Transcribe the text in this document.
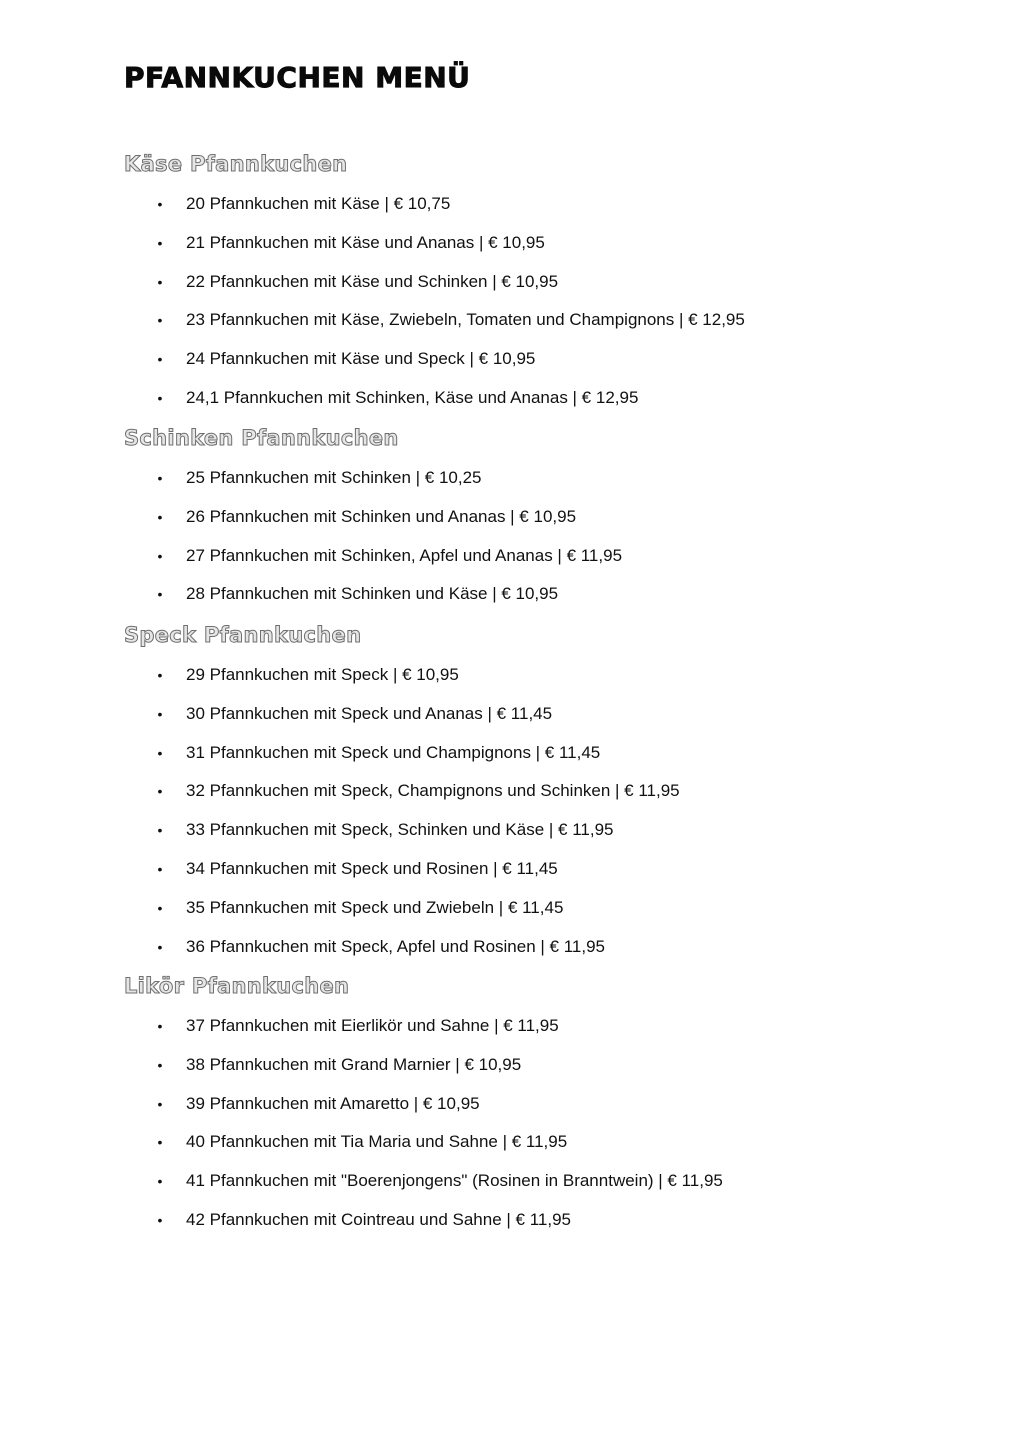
PFANNKUCHEN MENÜ
Käse Pfannkuchen
• 20 Pfannkuchen mit Käse | € 10,75
• 21 Pfannkuchen mit Käse und Ananas | € 10,95
• 22 Pfannkuchen mit Käse und Schinken | € 10,95
• 23 Pfannkuchen mit Käse, Zwiebeln, Tomaten und Champignons | € 12,95
• 24 Pfannkuchen mit Käse und Speck | € 10,95
• 24,1 Pfannkuchen mit Schinken, Käse und Ananas | € 12,95
Schinken Pfannkuchen
• 25 Pfannkuchen mit Schinken | € 10,25
• 26 Pfannkuchen mit Schinken und Ananas | € 10,95
• 27 Pfannkuchen mit Schinken, Apfel und Ananas | € 11,95
• 28 Pfannkuchen mit Schinken und Käse | € 10,95
Speck Pfannkuchen
• 29 Pfannkuchen mit Speck | € 10,95
• 30 Pfannkuchen mit Speck und Ananas | € 11,45
• 31 Pfannkuchen mit Speck und Champignons | € 11,45
• 32 Pfannkuchen mit Speck, Champignons und Schinken | € 11,95
• 33 Pfannkuchen mit Speck, Schinken und Käse | € 11,95
• 34 Pfannkuchen mit Speck und Rosinen | € 11,45
• 35 Pfannkuchen mit Speck und Zwiebeln | € 11,45
• 36 Pfannkuchen mit Speck, Apfel und Rosinen | € 11,95
Likör Pfannkuchen
• 37 Pfannkuchen mit Eierlikör und Sahne | € 11,95
• 38 Pfannkuchen mit Grand Marnier | € 10,95
• 39 Pfannkuchen mit Amaretto | € 10,95
• 40 Pfannkuchen mit Tia Maria und Sahne | € 11,95
• 41 Pfannkuchen mit "Boerenjongens" (Rosinen in Branntwein) | € 11,95
• 42 Pfannkuchen mit Cointreau und Sahne | € 11,95
